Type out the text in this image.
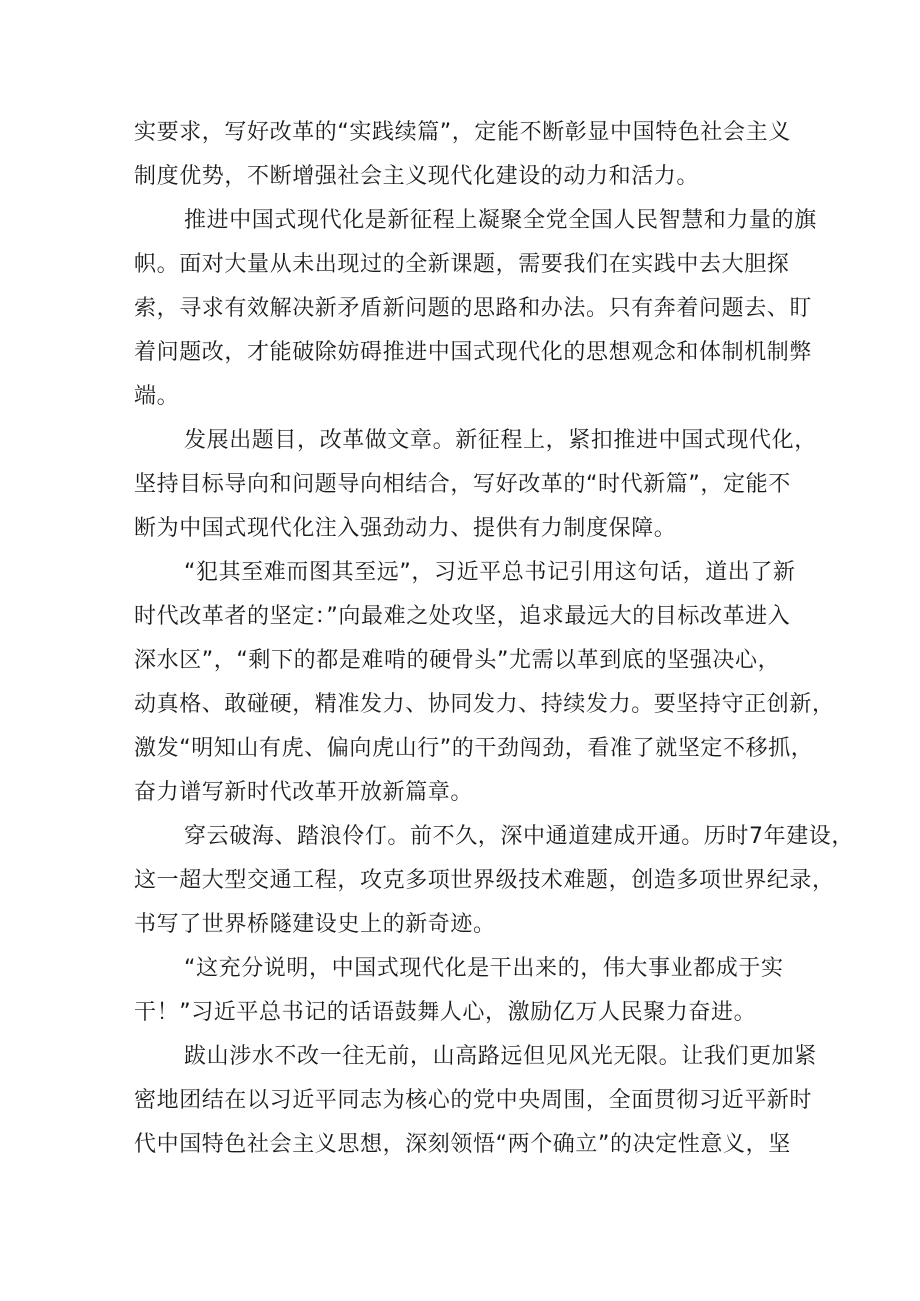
实要求，写好改革的“实践续篇”，定能不断彰显中国特色社会主义
制度优势，不断增强社会主义现代化建设的动力和活力。
推进中国式现代化是新征程上凝聚全党全国人民智慧和力量的旗
帜。面对大量从未出现过的全新课题，需要我们在实践中去大胆探
索，寻求有效解决新矛盾新问题的思路和办法。只有奔着问题去、盯
着问题改，才能破除妨碍推进中国式现代化的思想观念和体制机制弊
端。
发展出题目，改革做文章。新征程上，紧扣推进中国式现代化，
坚持目标导向和问题导向相结合，写好改革的“时代新篇”，定能不
断为中国式现代化注入强劲动力、提供有力制度保障。
“犯其至难而图其至远”，习近平总书记引用这句话，道出了新
时代改革者的坚定：”向最难之处攻坚，追求最远大的目标改革进入
深水区”，“剩下的都是难啃的硬骨头”尤需以革到底的坚强决心，
动真格、敢碰硬，精准发力、协同发力、持续发力。要坚持守正创新，
激发“明知山有虎、偏向虎山行”的干劲闯劲，看准了就坚定不移抓，
奋力谱写新时代改革开放新篇章。
穿云破海、踏浪伶仃。前不久，深中通道建成开通。历时7年建设，
这一超大型交通工程，攻克多项世界级技术难题，创造多项世界纪录，
书写了世界桥隧建设史上的新奇迹。
“这充分说明，中国式现代化是干出来的，伟大事业都成于实
干！”习近平总书记的话语鼓舞人心，激励亿万人民聚力奋进。
跋山涉水不改一往无前，山高路远但见风光无限。让我们更加紧
密地团结在以习近平同志为核心的党中央周围，全面贯彻习近平新时
代中国特色社会主义思想，深刻领悟“两个确立”的决定性意义，坚
